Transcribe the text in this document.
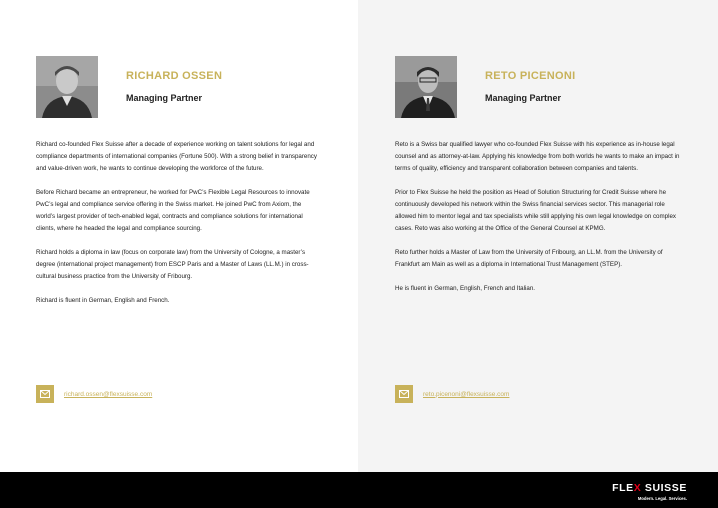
RICHARD OSSEN
Managing Partner

Richard co-founded Flex Suisse after a decade of experience working on talent solutions for legal and compliance departments of international companies (Fortune 500). With a strong belief in transparency and value-driven work, he wants to continue developing the workforce of the future.

Before Richard became an entrepreneur, he worked for PwC’s Flexible Legal Resources to innovate PwC’s legal and compliance service offering in the Swiss market. He joined PwC from Axiom, the world’s largest provider of tech-enabled legal, contracts and compliance solutions for international clients, where he headed the legal and compliance sourcing.

Richard holds a diploma in law (focus on corporate law) from the University of Cologne, a master’s degree (international project management) from ESCP Paris and a Master of Laws (LL.M.) in cross-cultural business practice from the University of Fribourg.

Richard is fluent in German, English and French.

richard.ossen@flexsuisse.com
RETO PICENONI
Managing Partner

Reto is a Swiss bar qualified lawyer who co-founded Flex Suisse with his experience as in-house legal counsel and as attorney-at-law. Applying his knowledge from both worlds he wants to make an impact in terms of quality, efficiency and transparent collaboration between companies and talents.

Prior to Flex Suisse he held the position as Head of Solution Structuring for Credit Suisse where he continuously developed his network within the Swiss financial services sector. This managerial role allowed him to mentor legal and tax specialists while still applying his own legal knowledge on complex cases. Reto was also working at the Office of the General Counsel at KPMG.

Reto further holds a Master of Law from the University of Fribourg, an LL.M. from the University of Frankfurt am Main as well as a diploma in International Trust Management (STEP).

He is fluent in German, English, French and Italian.

reto.picenoni@flexsuisse.com
FLEX SUISSE
Modern. Legal. Services.
